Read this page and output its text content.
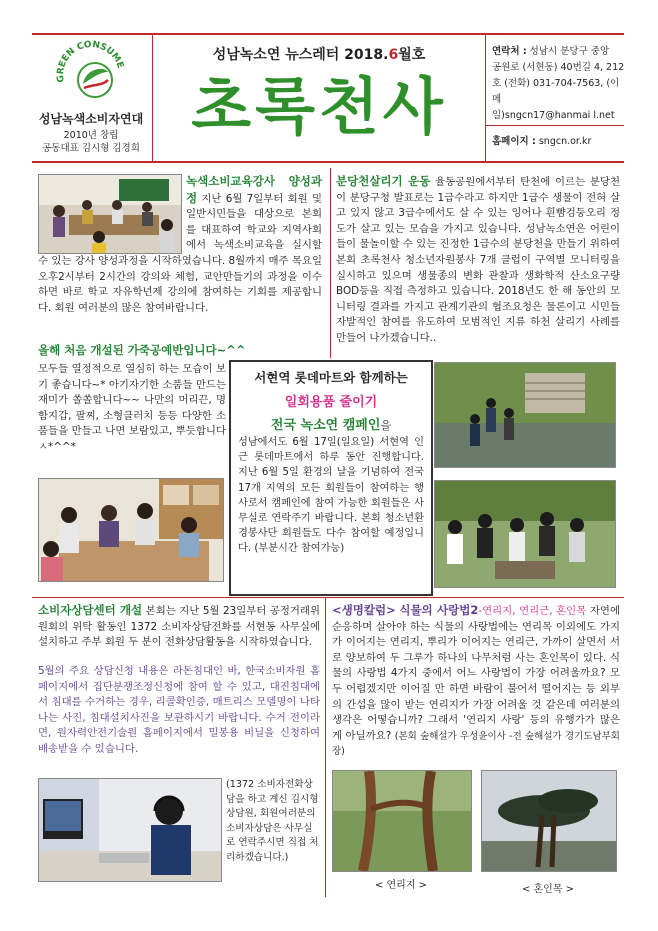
GREEN CONSUME
성남녹색소비자연대
2010년 창립
공동대표 김시형 김경희
성남녹소연 뉴스레터 2018.6월호
초록천사
연락처 : 성남시 분당구 중앙
공원로 (서현동) 40번길 4, 212
호 (전화) 031-704-7563, (이메
일)sngcn17@hanmai l.net
홈페이지 : sngcn.or.kr
녹색소비교육강사 양성과정 지난 6월 7일부터 회원 및 일반시민들을 대상으로 본회를 대표하여 학교와 지역사회에서 녹색소비교육을 실시할 수 있는 강사 양성과정을 시작하였습니다. 8월까지 매주 목요일 오후2시부터 2시간의 강의와 체험, 교안만들기의 과정을 이수하면 바로 학교 자유학년제 강의에 참여하는 기회를 제공합니다. 회원 여러분의 많은 참여바랍니다.
분당천살리기 운동 율동공원에서부터 탄천에 이르는 분당천이 분당구청 발표로는 1급수라고 하지만 1급수 생물이 전혀 살고 있지 않고 3급수에서도 살 수 있는 잉어나 흰뺨검둥오리 정도가 살고 있는 모습을 가지고 있습니다. 성남녹소연은 어린이들이 물놀이할 수 있는 진정한 1급수의 분당천을 만들기 위하여 본회 초록천사 청소년자원봉사 7개 클럽이 구역별 모니터링을 실시하고 있으며 생물종의 변화 관찰과 생화학적 산소요구량 BOD등을 직접 측정하고 있습니다. 2018년도 한 해 동안의 모니터링 결과를 가지고 관계기관의 협조요청은 물론이고 시민들 자발적인 참여를 유도하여 모범적인 지류 하천 살리기 사례를 만들어 나가겠습니다..
올해 처음 개설된 가죽공예반입니다~^^
모두들 열정적으로 열심히 하는 모습이 보기 좋습니다~* 아기자기한 소품들 만드는 재미가 쏠쏠합니다~~ 나만의 머리끈, 명함지갑, 팔찌, 소형클러치 등등 다양한 소품들을 만들고 나면 보람있고, 뿌듯합니다ㅅ*^^*
서현역 롯데마트와 함께하는
일회용품 줄이기
전국 녹소연 캠페인을
성남에서도 6월 17일(일요일) 서현역 인근 롯데마트에서 하루 동안 진행합니다. 지난 6월 5일 환경의 날을 기념하여 전국 17개 지역의 모든 회원들이 참여하는 행사로서 캠페인에 참여 가능한 회원들은 사무실로 연락주기 바랍니다. 본회 청소년환경봉사단 회원들도 다수 참여할 예정입니다. (부분시간 참여가능)
소비자상담센터 개설 본회는 지난 5월 23일부터 공정거래위원회의 위탁 활동인 1372 소비자상담전화를 서현동 사무실에 설치하고 주부 회원 두 분이 전화상담활동을 시작하였습니다.
5월의 주요 상담신청 내용은 라돈침대인 바, 한국소비자원 홈페이지에서 집단분쟁조정신청에 참여 할 수 있고, 대진침대에서 침대를 수거하는 경우, 리콜확인증, 매트리스 모델명이 나타나는 사진, 침대설치사진을 보관하시기 바랍니다. 수거 전이라면, 원자력안전기술원 홈페이지에서 밀봉용 비닐을 신청하여 배송받을 수 있습니다.
(1372 소비자전화상담을 하고 계신 김시형 상담원, 회원여러분의 소비자상담은 사무실로 연락주시면 직접 처리하겠습니다.)
<생명칼럼> 식물의 사랑법2-연리지, 연리근, 혼인목 자연에 순응하며 살아야 하는 식물의 사랑법에는 연리목 이외에도 가지가 이어지는 연리지, 뿌리가 이어지는 연리근, 가까이 살면서 서로 양보하여 두 그루가 하나의 나무처럼 사는 혼인목이 있다. 식물의 사랑법 4가지 중에서 어느 사랑법이 가장 어려울까요? 모두 어렵겠지만 이어질 만 하면 바람이 불어서 떨어지는 등 외부의 간섭을 많이 받는 연리지가 가장 어려울 것 같은데 여러분의 생각은 어떻습니까? 그래서 '연리지 사랑' 등의 유행가가 많은 게 아닐까요? (본회 숲해설가 우성윤이사 -전 숲해설가 경기도남부회장)
< 연리지 >	< 혼인목 >
